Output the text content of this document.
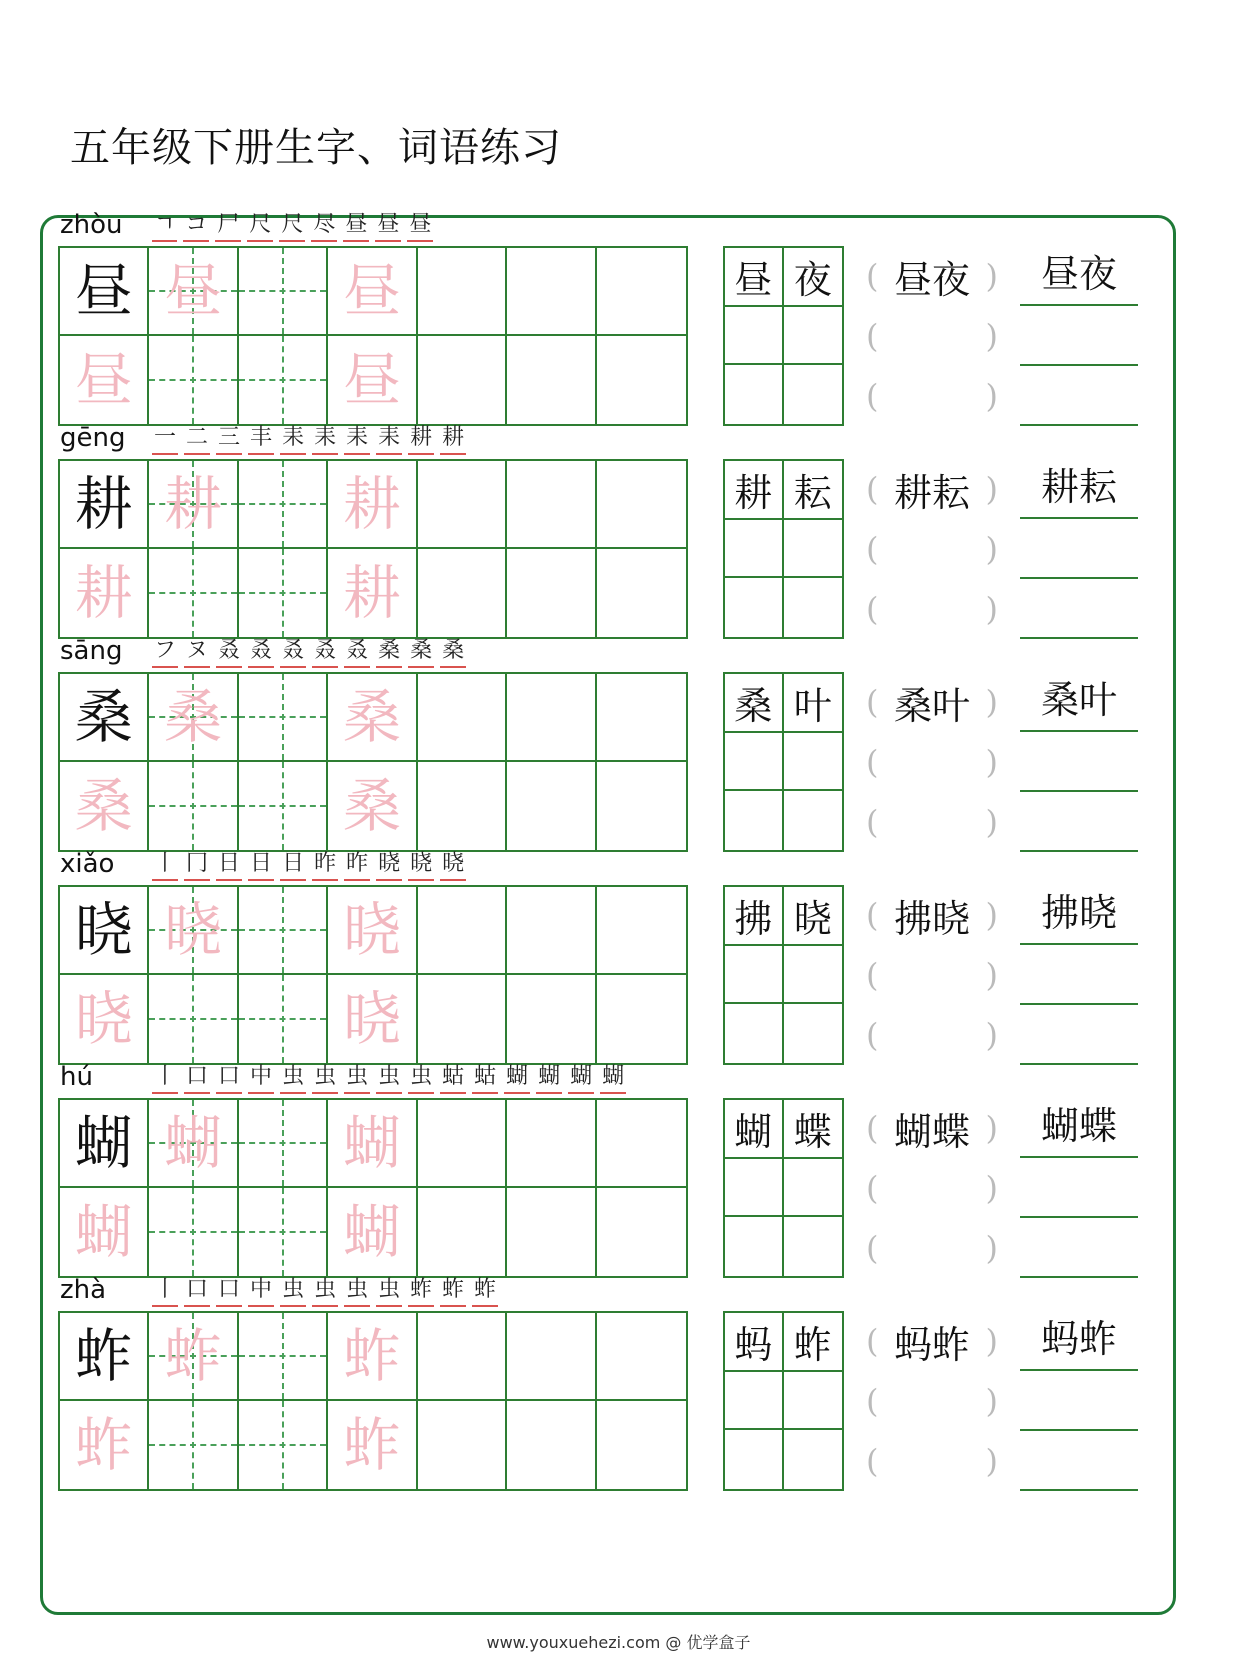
五年级下册生字、词语练习
zhòu ㄱ コ 尸 尺 尺 尽 昼 昼 昼
昼 昼 昼
昼	昼
昼 夜	( 昼夜 )
(	)
(	)
昼夜
gēng 一 二 三 丰 耒 耒 耒 耒 耕 耕
耕 耕 耕
耕	耕
耕 耘	( 耕耘 )
(	)
(	)
耕耘
sāng フ ヌ 叒 叒 叒 叒 叒 桑 桑 桑
桑 桑 桑
桑	桑
桑 叶	( 桑叶 )
(	)
(	)
桑叶
xiǎo 丨 冂 日 日 日 昨 昨 晓 晓 晓
晓 晓 晓
晓	晓
拂 晓	( 拂晓 )
(	)
(	)
拂晓
hú	丨 口 口 中 虫 虫 虫 虫 虫 蛄 蛄 蝴 蝴 蝴 蝴
蝴 蝴 蝴
蝴	蝴
蝴 蝶	( 蝴蝶 )
(	)
(	)
蝴蝶
zhà 丨 口 口 中 虫 虫 虫 虫 蚱 蚱 蚱
蚱 蚱 蚱
蚱	蚱
蚂 蚱	( 蚂蚱 )
(	)
(	)
蚂蚱
www.youxuehezi.com @ 优学盒子
